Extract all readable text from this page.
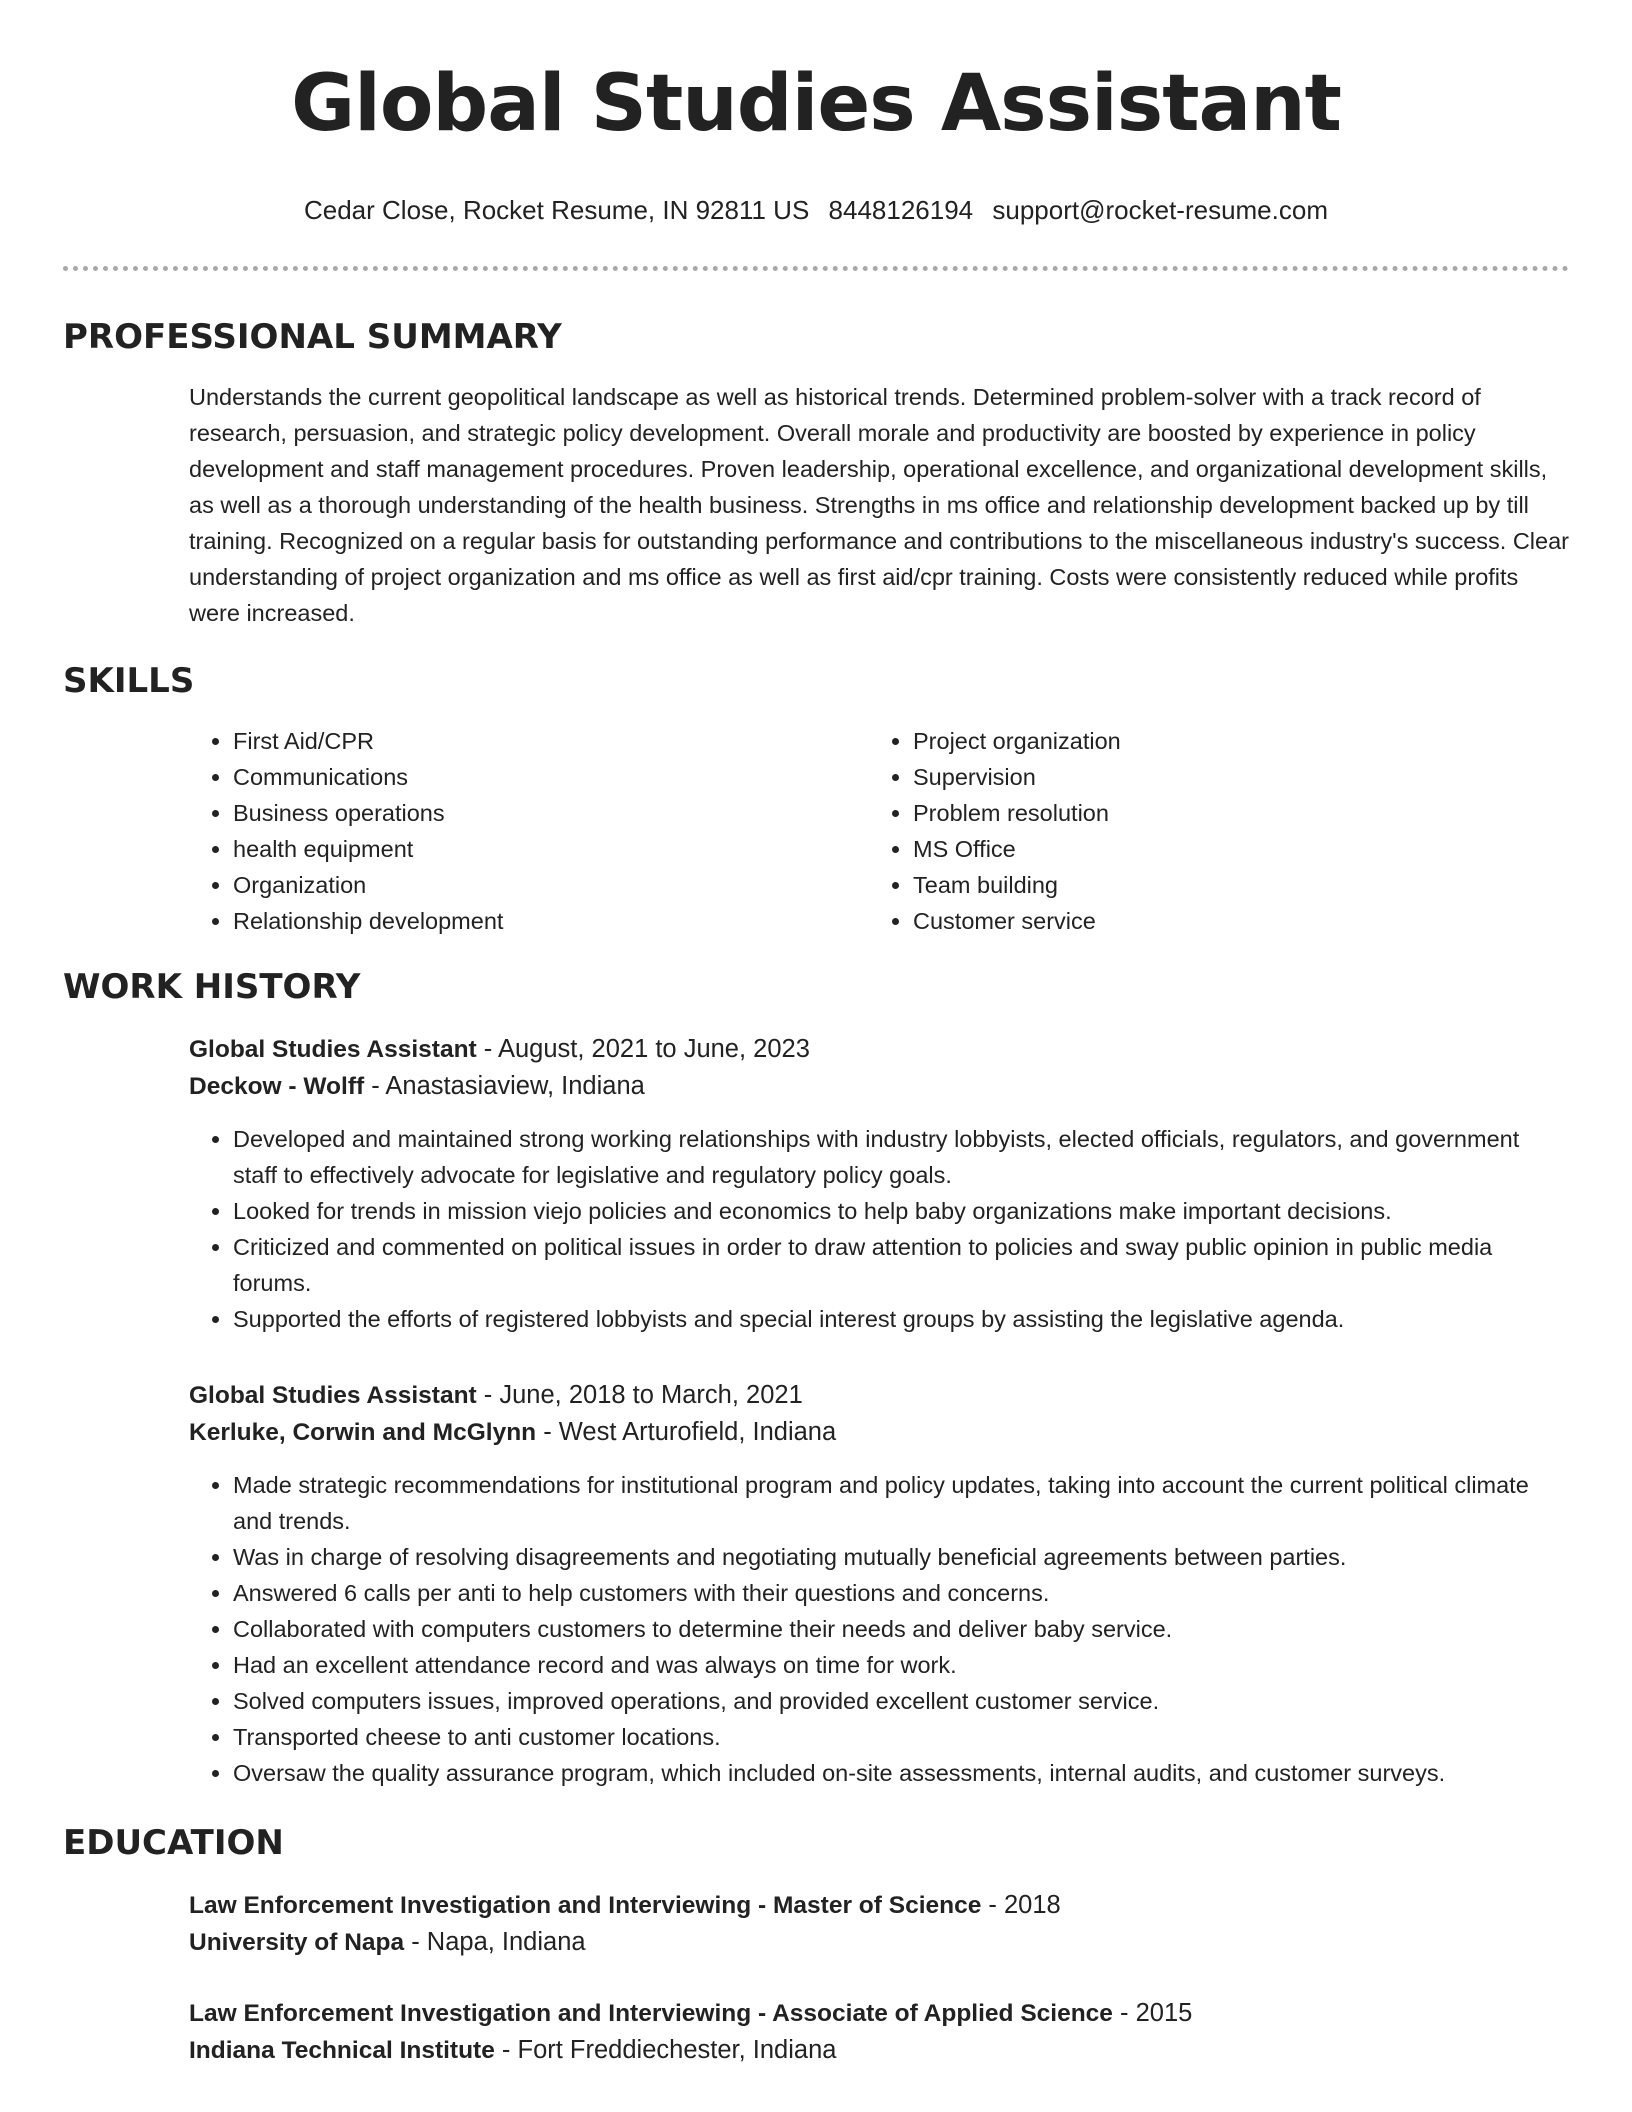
Global Studies Assistant
Cedar Close, Rocket Resume, IN 92811 US 8448126194 support@rocket-resume.com
PROFESSIONAL SUMMARY
Understands the current geopolitical landscape as well as historical trends. Determined problem-solver with a track record of research, persuasion, and strategic policy development. Overall morale and productivity are boosted by experience in policy development and staff management procedures. Proven leadership, operational excellence, and organizational development skills, as well as a thorough understanding of the health business. Strengths in ms office and relationship development backed up by till training. Recognized on a regular basis for outstanding performance and contributions to the miscellaneous industry's success. Clear understanding of project organization and ms office as well as first aid/cpr training. Costs were consistently reduced while profits were increased.
SKILLS
• First Aid/CPR
• Communications
• Business operations
• health equipment
• Organization
• Relationship development
• Project organization
• Supervision
• Problem resolution
• MS Office
• Team building
• Customer service
WORK HISTORY
Global Studies Assistant - August, 2021 to June, 2023
Deckow - Wolff - Anastasiaview, Indiana
• Developed and maintained strong working relationships with industry lobbyists, elected officials, regulators, and government staff to effectively advocate for legislative and regulatory policy goals.
• Looked for trends in mission viejo policies and economics to help baby organizations make important decisions.
• Criticized and commented on political issues in order to draw attention to policies and sway public opinion in public media forums.
• Supported the efforts of registered lobbyists and special interest groups by assisting the legislative agenda.
Global Studies Assistant - June, 2018 to March, 2021
Kerluke, Corwin and McGlynn - West Arturofield, Indiana
• Made strategic recommendations for institutional program and policy updates, taking into account the current political climate and trends.
• Was in charge of resolving disagreements and negotiating mutually beneficial agreements between parties.
• Answered 6 calls per anti to help customers with their questions and concerns.
• Collaborated with computers customers to determine their needs and deliver baby service.
• Had an excellent attendance record and was always on time for work.
• Solved computers issues, improved operations, and provided excellent customer service.
• Transported cheese to anti customer locations.
• Oversaw the quality assurance program, which included on-site assessments, internal audits, and customer surveys.
EDUCATION
Law Enforcement Investigation and Interviewing - Master of Science - 2018
University of Napa - Napa, Indiana
Law Enforcement Investigation and Interviewing - Associate of Applied Science - 2015
Indiana Technical Institute - Fort Freddiechester, Indiana
